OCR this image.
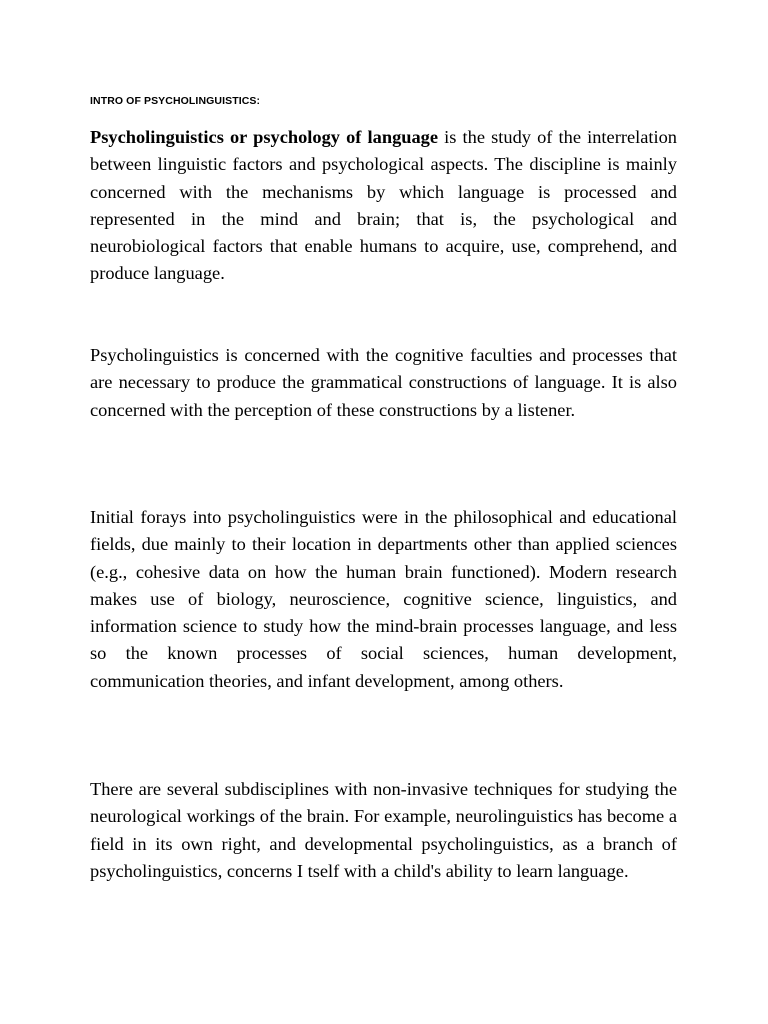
INTRO OF PSYCHOLINGUISTICS:

Psycholinguistics or psychology of language is the study of the interrelation between linguistic factors and psychological aspects. The discipline is mainly concerned with the mechanisms by which language is processed and represented in the mind and brain; that is, the psychological and neurobiological factors that enable humans to acquire, use, comprehend, and produce language.

Psycholinguistics is concerned with the cognitive faculties and processes that are necessary to produce the grammatical constructions of language. It is also concerned with the perception of these constructions by a listener.

Initial forays into psycholinguistics were in the philosophical and educational fields, due mainly to their location in departments other than applied sciences (e.g., cohesive data on how the human brain functioned). Modern research makes use of biology, neuroscience, cognitive science, linguistics, and information science to study how the mind-brain processes language, and less so the known processes of social sciences, human development, communication theories, and infant development, among others.

There are several subdisciplines with non-invasive techniques for studying the neurological workings of the brain. For example, neurolinguistics has become a field in its own right, and developmental psycholinguistics, as a branch of psycholinguistics, concerns I tself with a child's ability to learn language.
